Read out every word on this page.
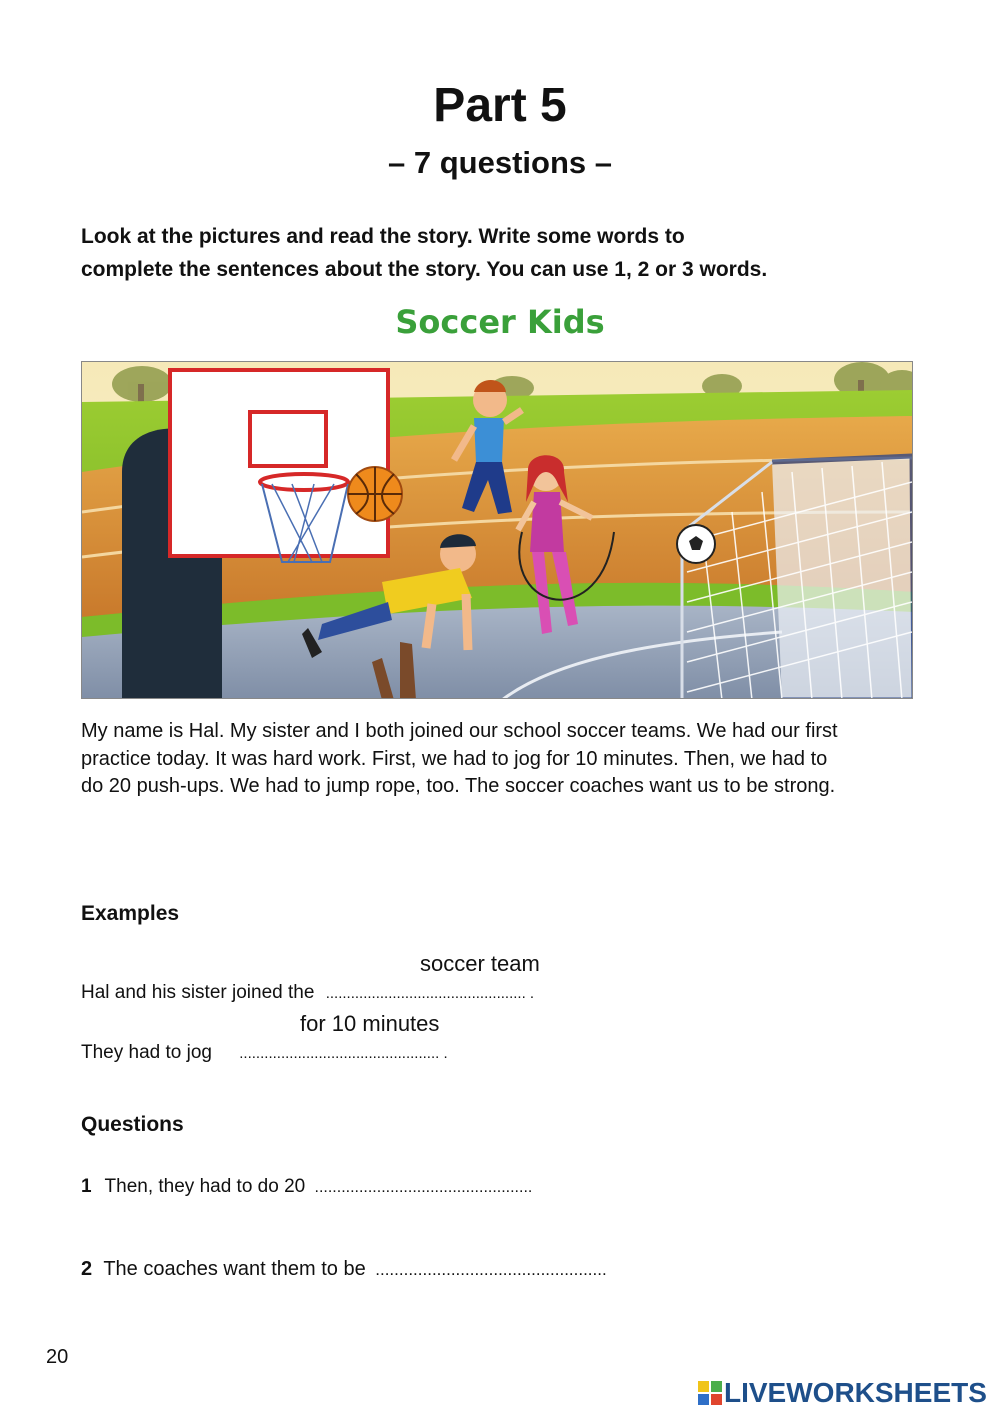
Part 5
– 7 questions –
Look at the pictures and read the story. Write some words to
complete the sentences about the story. You can use 1, 2 or 3 words.
Soccer Kids
My name is Hal. My sister and I both joined our school soccer teams. We had our first
practice today. It was hard work. First, we had to jog for 10 minutes. Then, we had to
do 20 push-ups. We had to jump rope, too. The soccer coaches want us to be strong.
Examples
soccer team
Hal and his sister joined the ................................................ .
for 10 minutes
They had to jog ................................................ .
Questions
1 Then, they had to do 20 .................................................
2 The coaches want them to be .................................................
20
LIVEWORKSHEETS
